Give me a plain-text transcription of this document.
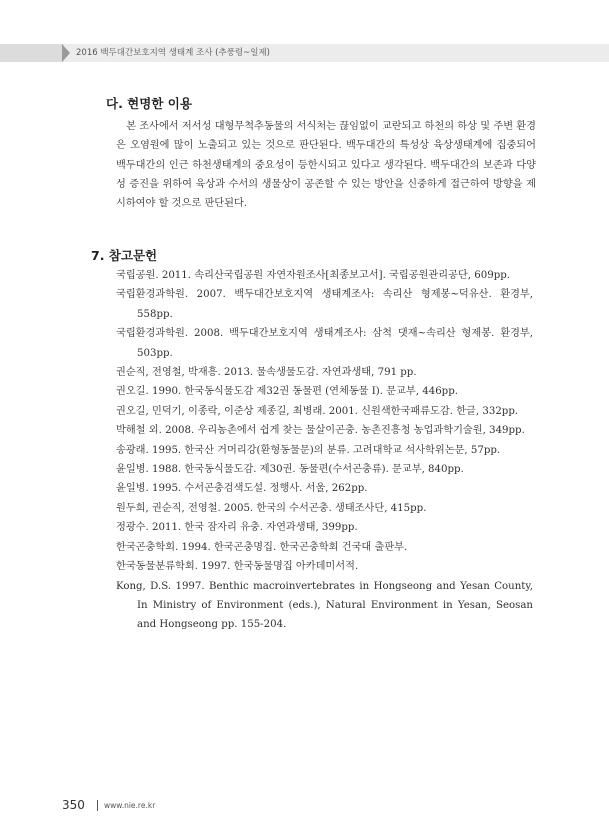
2016 백두대간보호지역 생태계 조사 (추풍령~일제)
다. 현명한 이용

 본 조사에서 저서성 대형무척추동물의 서식처는 끊임없이 교란되고 하천의 하상 및 주변 환경은 오염원에 많이 노출되고 있는 것으로 판단된다. 백두대간의 특성상 육상생태계에 집중되어 백두대간의 인근 하천생태계의 중요성이 등한시되고 있다고 생각된다. 백두대간의 보존과 다양성 증진을 위하여 육상과 수서의 생물상이 공존할 수 있는 방안을 신중하게 접근하여 방향을 제시하여야 할 것으로 판단된다.

7. 참고문헌
국립공원. 2011. 속리산국립공원 자연자원조사[최종보고서]. 국립공원관리공단, 609pp.
국립환경과학원. 2007. 백두대간보호지역 생태계조사: 속리산 형제봉~덕유산. 환경부, 558pp.
국립환경과학원. 2008. 백두대간보호지역 생태계조사: 삼척 댓재~속리산 형제봉. 환경부, 503pp.
권순직, 전영철, 박재흥. 2013. 물속생물도감. 자연과생태, 791 pp.
권오길. 1990. 한국동식물도감 제32권 동물편 (연체동물 Ⅰ). 문교부, 446pp.
권오길, 민덕기, 이종락, 이준상 제종길, 최병래. 2001. 신원색한국패류도감. 한글, 332pp.
박해철 외. 2008. 우리농촌에서 쉽게 찾는 물살이곤충. 농촌진흥청 농업과학기술원, 349pp.
송광래. 1995. 한국산 거머리강(환형동물문)의 분류. 고려대학교 석사학위논문, 57pp.
윤일병. 1988. 한국동식물도감. 제30권. 동물편(수서곤충류). 문교부, 840pp.
윤일병. 1995. 수서곤충검색도설. 정행사. 서울, 262pp.
원두희, 권순직, 전영철. 2005. 한국의 수서곤충. 생태조사단, 415pp.
정광수. 2011. 한국 잠자리 유충. 자연과생태, 399pp.
한국곤충학회. 1994. 한국곤충명집. 한국곤충학회 건국대 출판부.
한국동물분류학회. 1997. 한국동물명집 아카데미서적.
Kong, D.S. 1997. Benthic macroinvertebrates in Hongseong and Yesan County, In Ministry of Environment (eds.), Natural Environment in Yesan, Seosan and Hongseong pp. 155-204.
350	www.nie.re.kr
